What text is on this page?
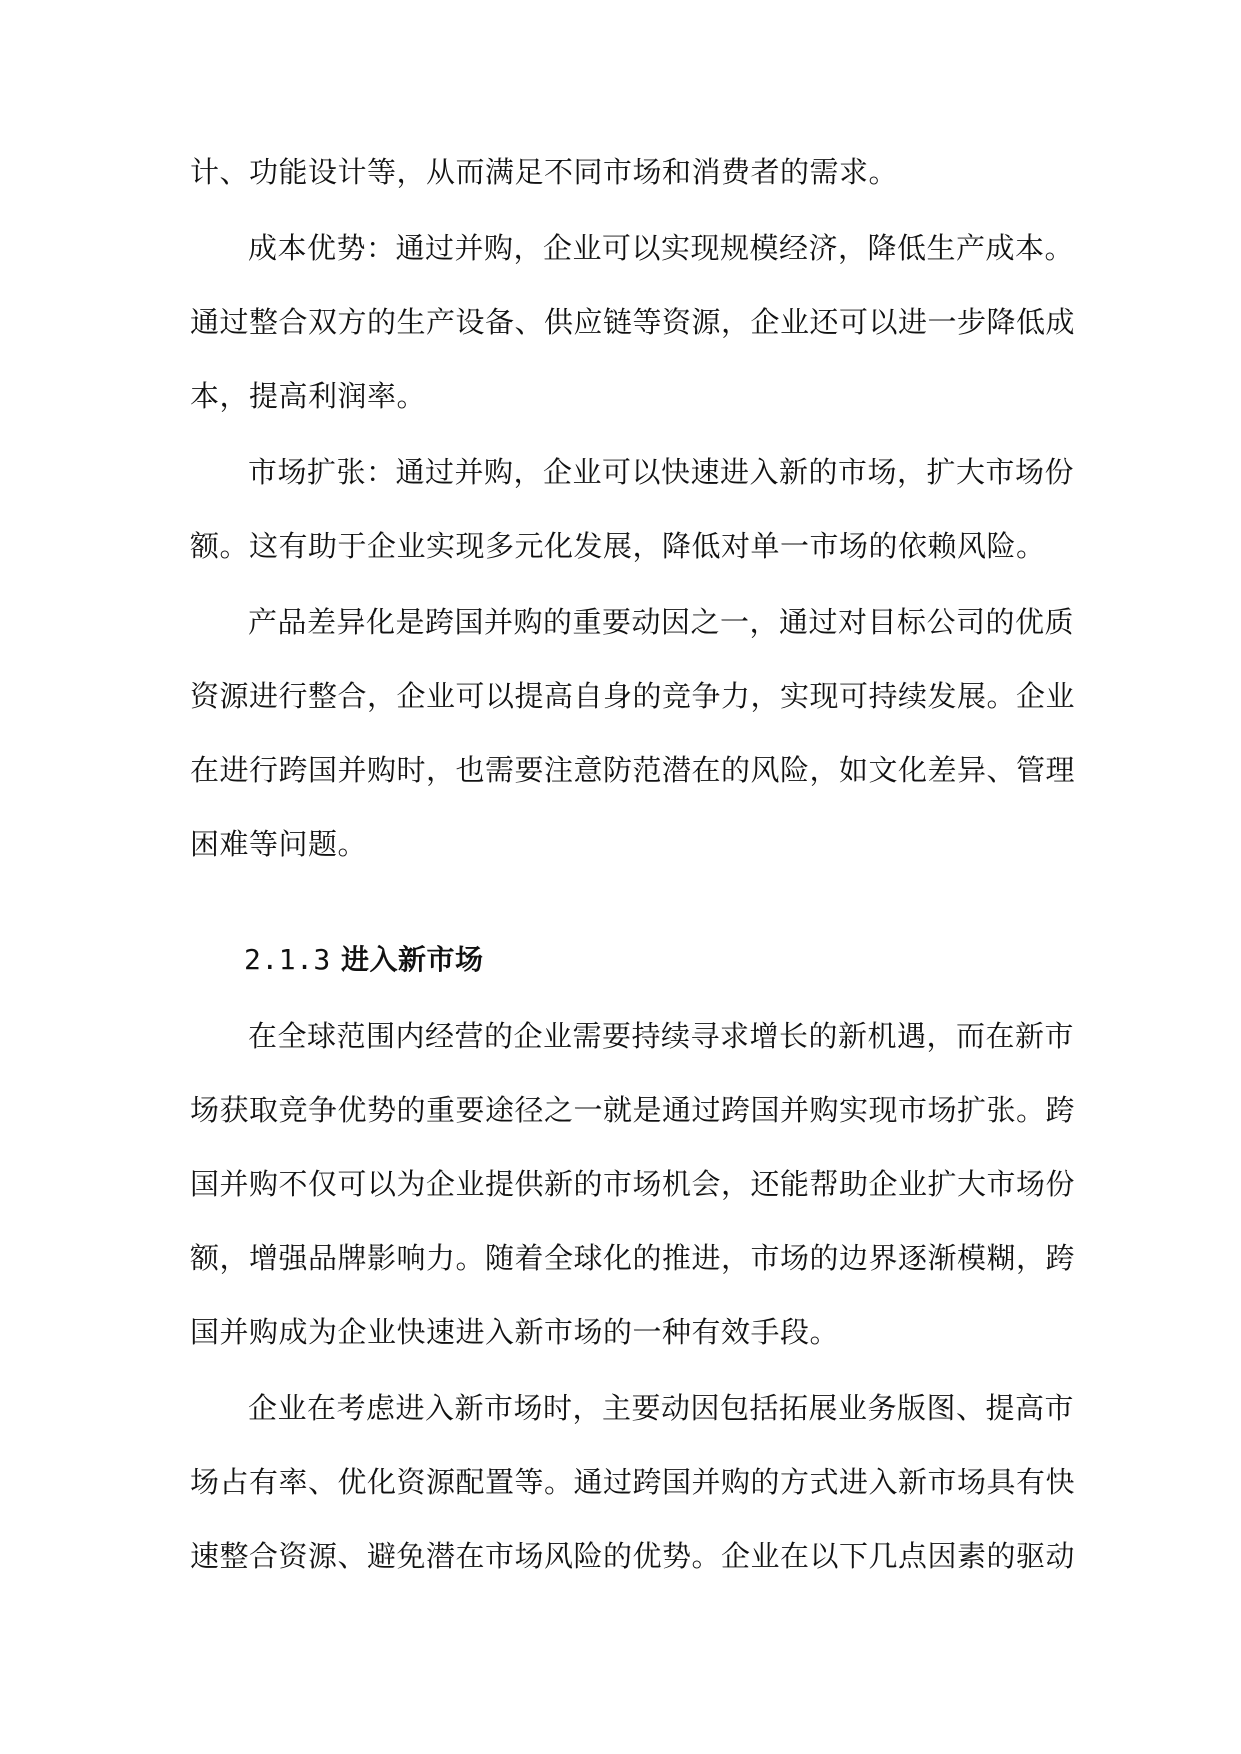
计、功能设计等，从而满足不同市场和消费者的需求。
成本优势：通过并购，企业可以实现规模经济，降低生产成本。
通过整合双方的生产设备、供应链等资源，企业还可以进一步降低成
本，提高利润率。
市场扩张：通过并购，企业可以快速进入新的市场，扩大市场份
额。这有助于企业实现多元化发展，降低对单一市场的依赖风险。
产品差异化是跨国并购的重要动因之一，通过对目标公司的优质
资源进行整合，企业可以提高自身的竞争力，实现可持续发展。企业
在进行跨国并购时，也需要注意防范潜在的风险，如文化差异、管理
困难等问题。
2.1.3 进入新市场
在全球范围内经营的企业需要持续寻求增长的新机遇，而在新市
场获取竞争优势的重要途径之一就是通过跨国并购实现市场扩张。跨
国并购不仅可以为企业提供新的市场机会，还能帮助企业扩大市场份
额，增强品牌影响力。随着全球化的推进，市场的边界逐渐模糊，跨
国并购成为企业快速进入新市场的一种有效手段。
企业在考虑进入新市场时，主要动因包括拓展业务版图、提高市
场占有率、优化资源配置等。通过跨国并购的方式进入新市场具有快
速整合资源、避免潜在市场风险的优势。企业在以下几点因素的驱动
